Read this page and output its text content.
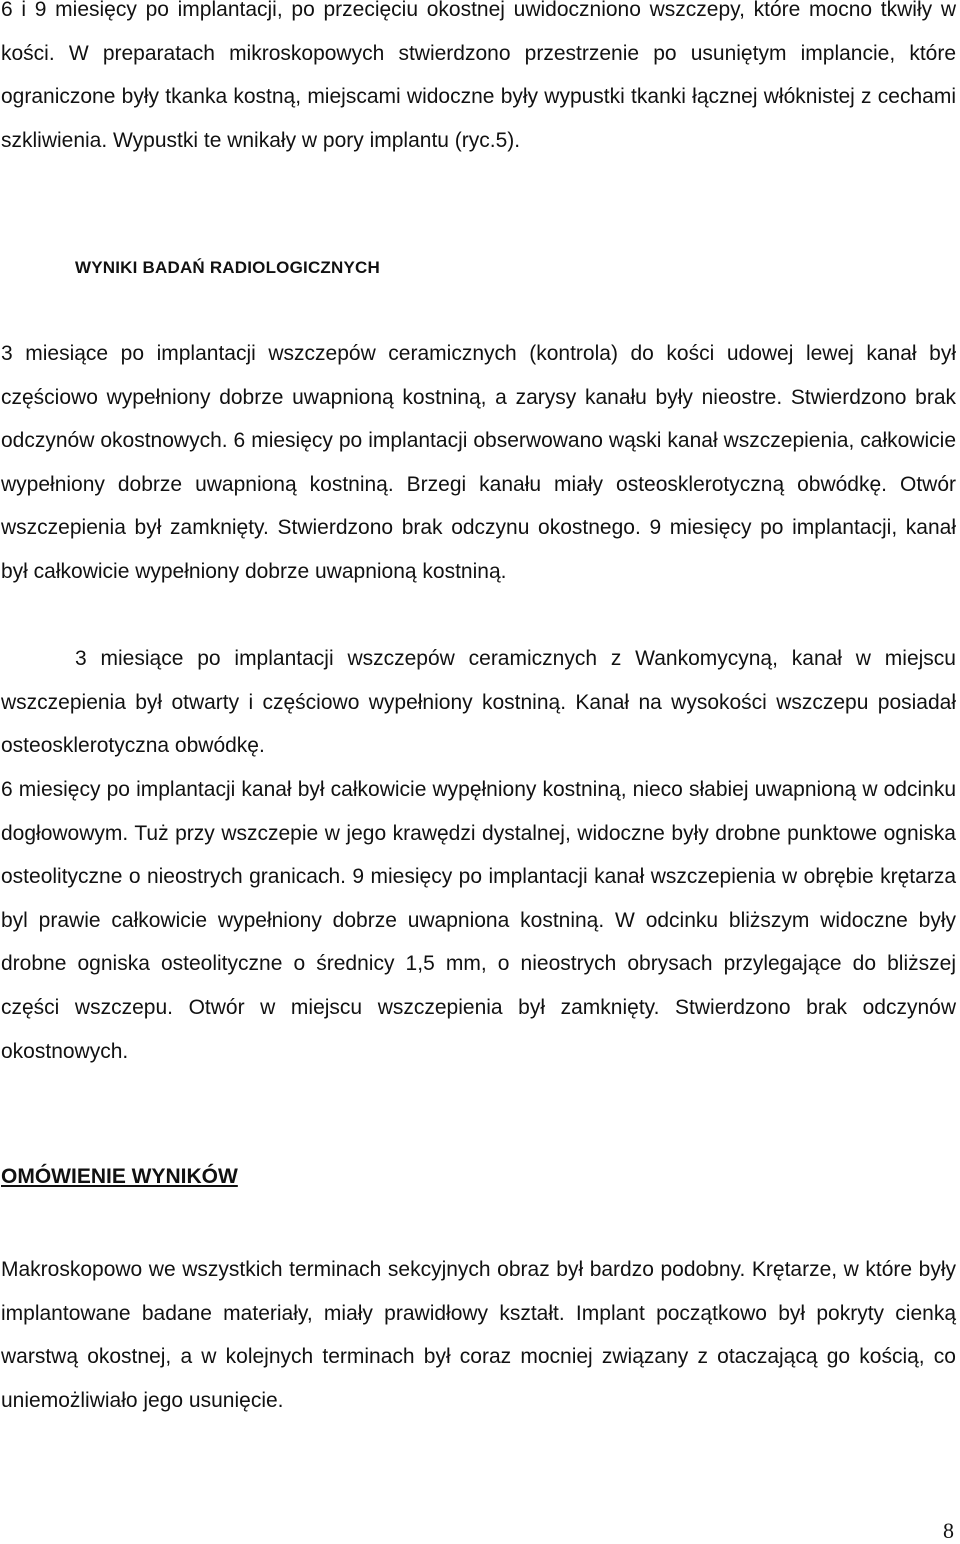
6 i 9 miesięcy po implantacji, po przecięciu okostnej uwidoczniono wszczepy, które mocno tkwiły w kości. W preparatach mikroskopowych stwierdzono przestrzenie po usuniętym implancie, które ograniczone były tkanka kostną, miejscami widoczne były wypustki tkanki łącznej włóknistej z cechami szkliwienia. Wypustki te wnikały w pory implantu (ryc.5).

WYNIKI BADAŃ RADIOLOGICZNYCH

3 miesiące po implantacji wszczepów ceramicznych (kontrola) do kości udowej lewej kanał był częściowo wypełniony dobrze uwapnioną kostniną, a zarysy kanału były nieostre. Stwierdzono brak odczynów okostnowych. 6 miesięcy po implantacji obserwowano wąski kanał wszczepienia, całkowicie wypełniony dobrze uwapnioną kostniną. Brzegi kanału miały osteosklerotyczną obwódkę. Otwór wszczepienia był zamknięty. Stwierdzono brak odczynu okostnego. 9 miesięcy po implantacji, kanał był całkowicie wypełniony dobrze uwapnioną kostniną.

3 miesiące po implantacji wszczepów ceramicznych z Wankomycyną, kanał w miejscu wszczepienia był otwarty i częściowo wypełniony kostniną. Kanał na wysokości wszczepu posiadał osteosklerotyczna obwódkę.

6 miesięcy po implantacji kanał był całkowicie wypęłniony kostniną, nieco słabiej uwapnioną w odcinku dogłowowym. Tuż przy wszczepie w jego krawędzi dystalnej, widoczne były drobne punktowe ogniska osteolityczne o nieostrych granicach. 9 miesięcy po implantacji kanał wszczepienia w obrębie krętarza byl prawie całkowicie wypełniony dobrze uwapniona kostniną. W odcinku bliższym widoczne były drobne ogniska osteolityczne o średnicy 1,5 mm, o nieostrych obrysach przylegające do bliższej części wszczepu. Otwór w miejscu wszczepienia był zamknięty. Stwierdzono brak odczynów okostnowych.

OMÓWIENIE WYNIKÓW

Makroskopowo we wszystkich terminach sekcyjnych obraz był bardzo podobny. Krętarze, w które były implantowane badane materiały, miały prawidłowy kształt. Implant początkowo był pokryty cienką warstwą okostnej, a w kolejnych terminach był coraz mocniej związany z otaczającą go kością, co uniemożliwiało jego usunięcie.

8
